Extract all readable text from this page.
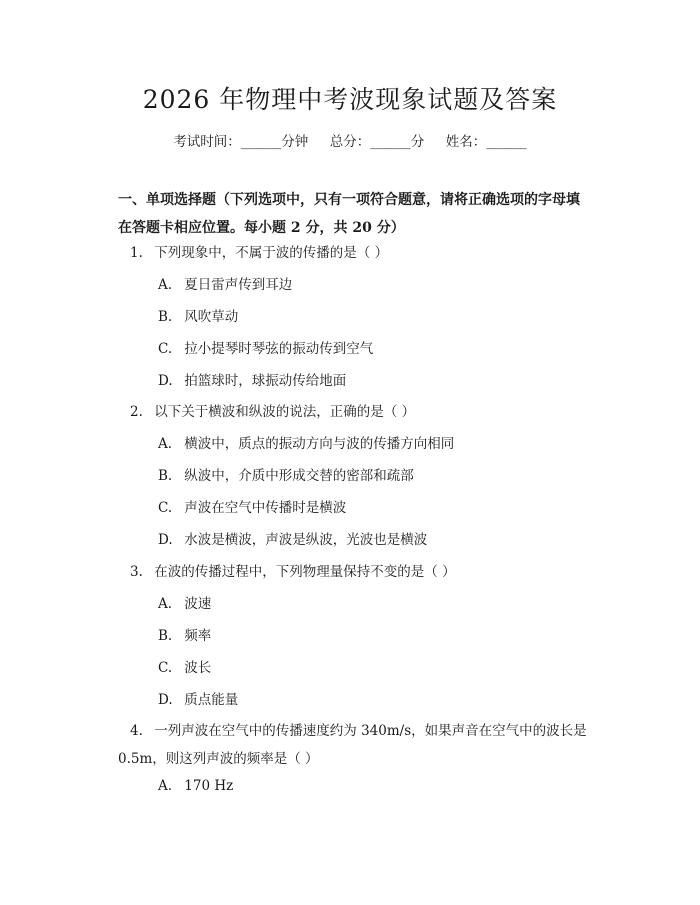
2026 年物理中考波现象试题及答案
考试时间：______分钟     总分：______分     姓名：______

一、单项选择题（下列选项中，只有一项符合题意，请将正确选项的字母填在答题卡相应位置。每小题 2 分，共 20 分）

1. 下列现象中，不属于波的传播的是（ ）

A. 夏日雷声传到耳边

B. 风吹草动

C. 拉小提琴时琴弦的振动传到空气

D. 拍篮球时，球振动传给地面

2. 以下关于横波和纵波的说法，正确的是（ ）

A. 横波中，质点的振动方向与波的传播方向相同

B. 纵波中，介质中形成交替的密部和疏部

C. 声波在空气中传播时是横波

D. 水波是横波，声波是纵波，光波也是横波

3. 在波的传播过程中，下列物理量保持不变的是（ ）

A. 波速

B. 频率

C. 波长

D. 质点能量

4. 一列声波在空气中的传播速度约为 340m/s，如果声音在空气中的波长是 0.5m，则这列声波的频率是（ ）

A. 170 Hz
